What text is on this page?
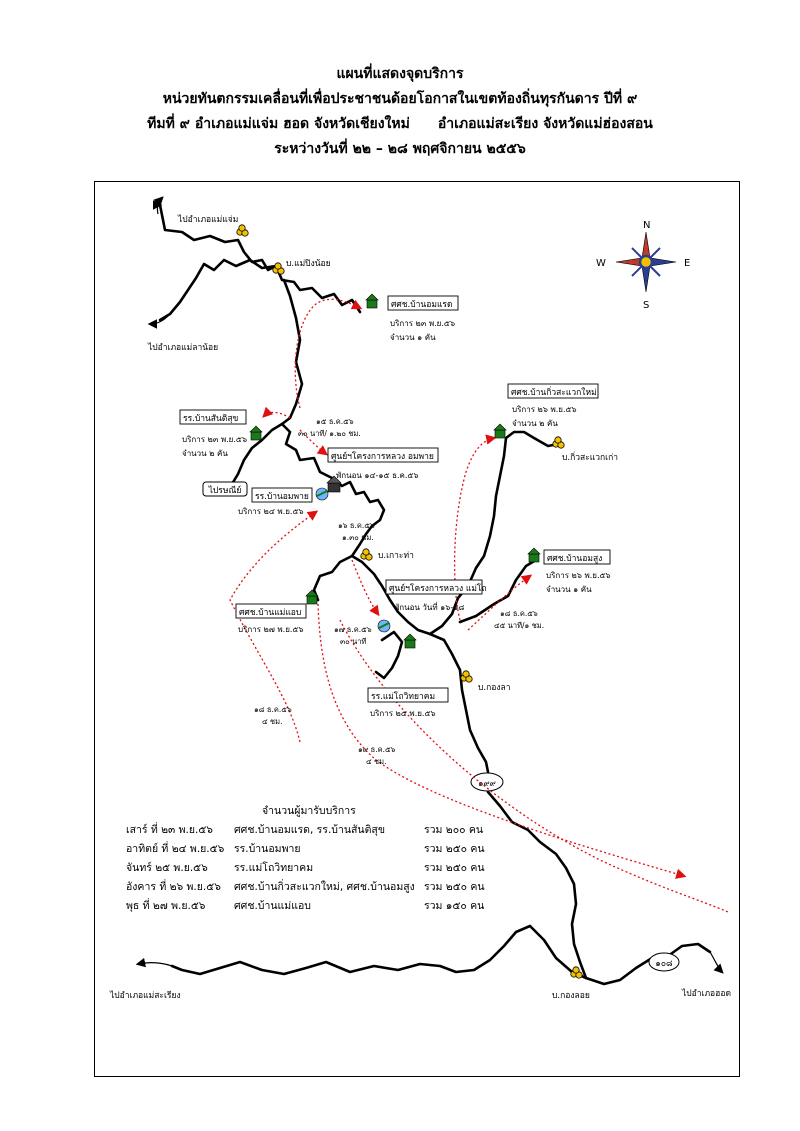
แผนที่แสดงจุดบริการ
หน่วยทันตกรรมเคลื่อนที่เพื่อประชาชนด้อยโอกาสในเขตท้องถิ่นทุรกันดาร ปีที่ ๙
ทีมที่ ๙ อำเภอแม่แจ่ม ฮอด จังหวัดเชียงใหม่ อำเภอแม่สะเรียง จังหวัดแม่ฮ่องสอน
ระหว่างวันที่ ๒๒ – ๒๘ พฤศจิกายน ๒๕๕๖
ไปรษณีย์
๑๙๙
๑๐๘
๑๕ ธ.ค.๕๖
๓๐ นาที/ ๑.๒๐ ชม.
๑๖ ธ.ค.๕๖
๑.๓๐ ชม.
๑๗ ธ.ค.๕๖
๓๐ นาที
๑๘ ธ.ค.๕๖
๔๕ นาที/๑ ชม.
๑๘ ธ.ค.๕๖
๔ ชม.
๑๙ ธ.ค.๕๖
๔ ชม.
ไปอำเภอแม่แจ่ม
ไปอำเภอแม่ลาน้อย
ไปอำเภอแม่สะเรียง	ไปอำเภอฮอด
บ.แม่ปิงน้อย
บ.กิ่วสะแวกเก่า
บ.เกาะท่า
บ.กองลา
บ.กองลอย
N
S
E
W
ศศช.บ้านอมแรด
บริการ ๒๓ พ.ย.๕๖
จำนวน ๑ คัน
รร.บ้านสันติสุข
บริการ ๒๓ พ.ย.๕๖
จำนวน ๒ คัน	ศูนย์ฯโครงการหลวง อมพาย
พักนอน ๑๔-๑๕ ธ.ค.๕๖
รร.บ้านอมพาย
บริการ ๒๔ พ.ย.๕๖
ศศช.บ้านกิ่วสะแวกใหม่
บริการ ๒๖ พ.ย.๕๖
จำนวน ๒ คัน
ศศช.บ้านอมสูง
บริการ ๒๖ พ.ย.๕๖
จำนวน ๑ คัน
ศศช.บ้านแม่แอบ
บริการ ๒๗ พ.ย.๕๖
ศูนย์ฯโครงการหลวง แม่โถ
พักนอน วันที่ ๑๖-๑๘
รร.แม่โถวิทยาคม
บริการ ๒๕ พ.ย.๕๖
จำนวนผู้มารับบริการ
เสาร์ ที่ ๒๓ พ.ย.๕๖	ศศช.บ้านอมแรด, รร.บ้านสันติสุข	รวม ๒๐๐ คน
อาทิตย์ ที่ ๒๔ พ.ย.๕๖	รร.บ้านอมพาย	รวม ๒๕๐ คน
จันทร์ ๒๕ พ.ย.๕๖	รร.แม่โถวิทยาคม	รวม ๒๕๐ คน
อังคาร ที่ ๒๖ พ.ย.๕๖	ศศช.บ้านกิ่วสะแวกใหม่, ศศช.บ้านอมสูง	รวม ๒๕๐ คน
พุธ ที่ ๒๗ พ.ย.๕๖	ศศช.บ้านแม่แอบ	รวม ๑๕๐ คน
